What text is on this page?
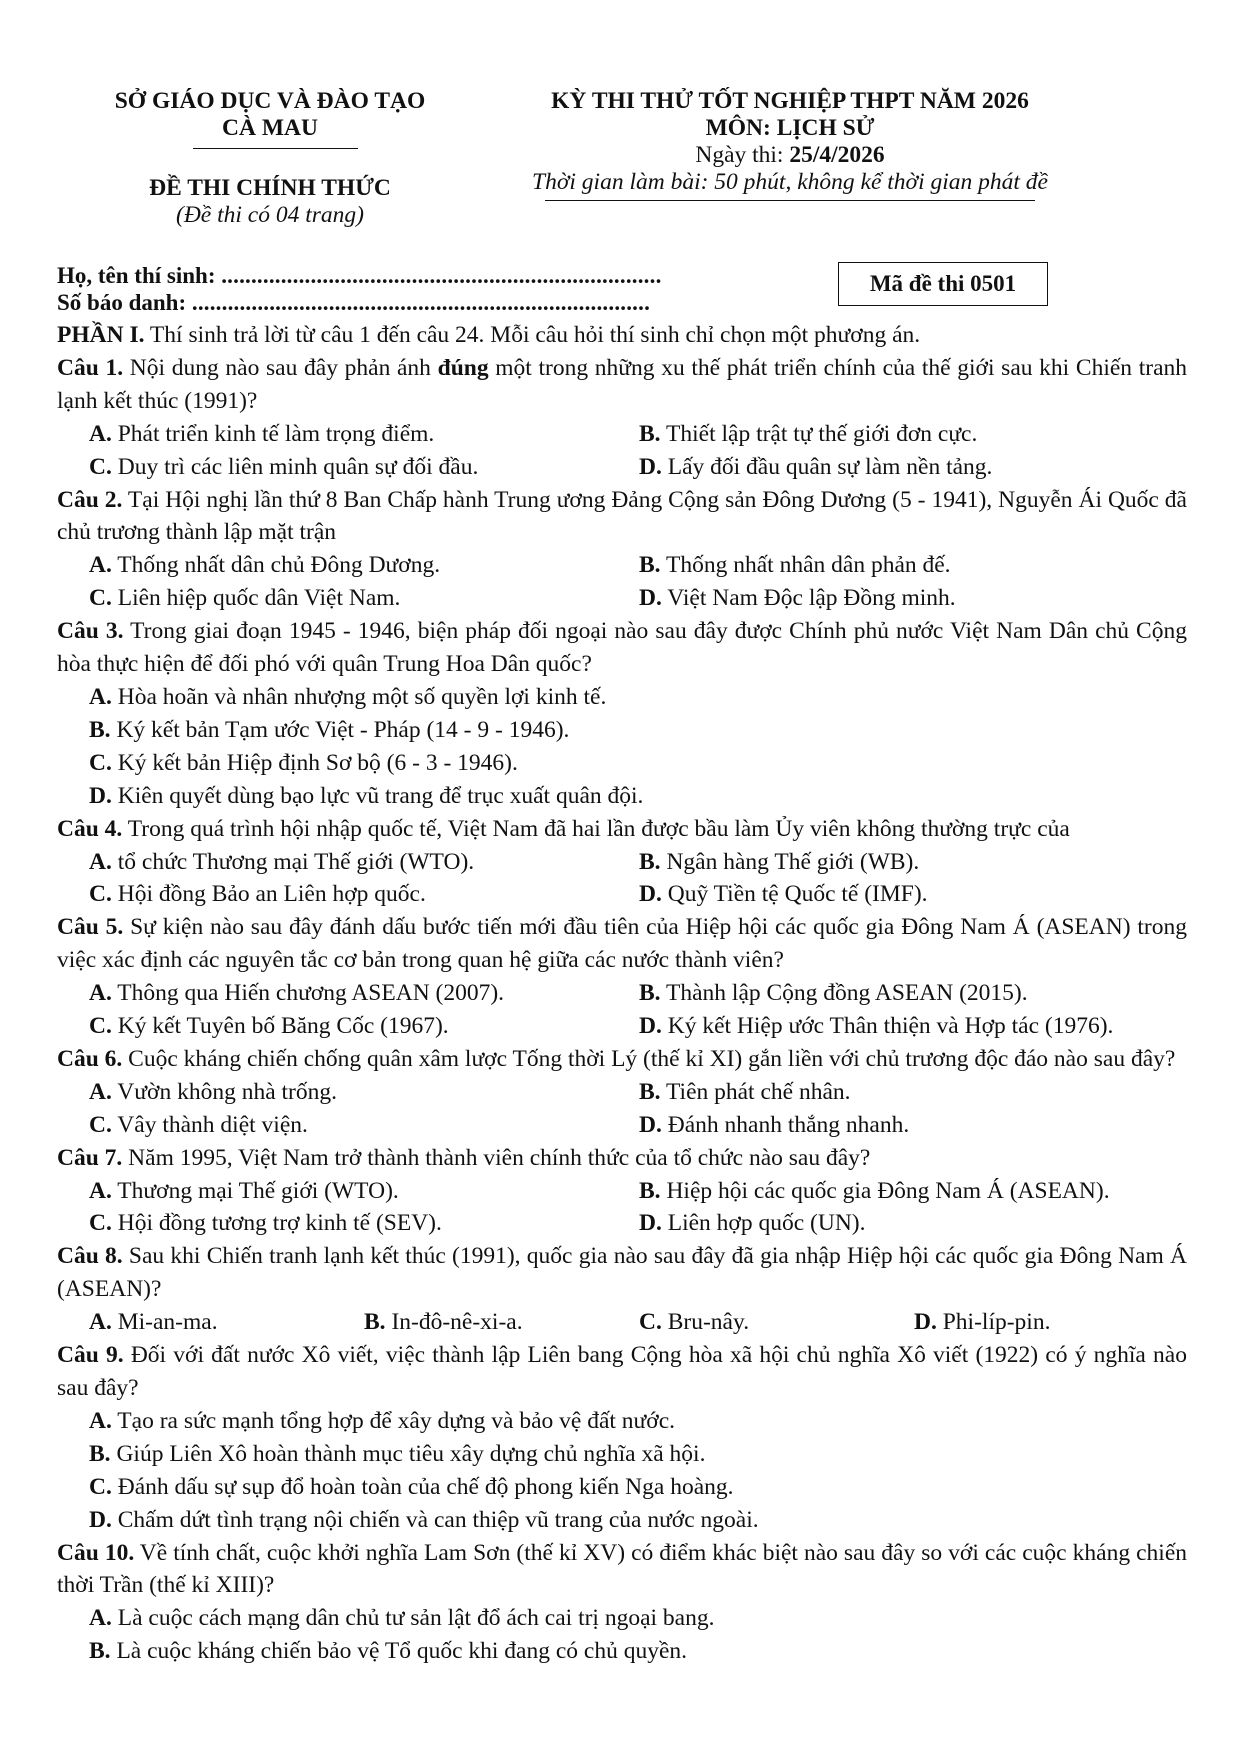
SỞ GIÁO DỤC VÀ ĐÀO TẠO
CÀ MAU
ĐỀ THI CHÍNH THỨC
(Đề thi có 04 trang)
KỲ THI THỬ TỐT NGHIỆP THPT NĂM 2026
MÔN: LỊCH SỬ
Ngày thi: 25/4/2026
Thời gian làm bài: 50 phút, không kể thời gian phát đề
Họ, tên thí sinh: ..........................................................................
Số báo danh: .............................................................................
Mã đề thi 0501

PHẦN I. Thí sinh trả lời từ câu 1 đến câu 24. Mỗi câu hỏi thí sinh chỉ chọn một phương án.

Câu 1. Nội dung nào sau đây phản ánh đúng một trong những xu thế phát triển chính của thế giới sau khi Chiến tranh lạnh kết thúc (1991)?

A. Phát triển kinh tế làm trọng điểm.	B. Thiết lập trật tự thế giới đơn cực.
C. Duy trì các liên minh quân sự đối đầu.	D. Lấy đối đầu quân sự làm nền tảng.

Câu 2. Tại Hội nghị lần thứ 8 Ban Chấp hành Trung ương Đảng Cộng sản Đông Dương (5 - 1941), Nguyễn Ái Quốc đã chủ trương thành lập mặt trận

A. Thống nhất dân chủ Đông Dương.	B. Thống nhất nhân dân phản đế.
C. Liên hiệp quốc dân Việt Nam.	D. Việt Nam Độc lập Đồng minh.

Câu 3. Trong giai đoạn 1945 - 1946, biện pháp đối ngoại nào sau đây được Chính phủ nước Việt Nam Dân chủ Cộng hòa thực hiện để đối phó với quân Trung Hoa Dân quốc?

A. Hòa hoãn và nhân nhượng một số quyền lợi kinh tế.
B. Ký kết bản Tạm ước Việt - Pháp (14 - 9 - 1946).
C. Ký kết bản Hiệp định Sơ bộ (6 - 3 - 1946).
D. Kiên quyết dùng bạo lực vũ trang để trục xuất quân đội.

Câu 4. Trong quá trình hội nhập quốc tế, Việt Nam đã hai lần được bầu làm Ủy viên không thường trực của

A. tổ chức Thương mại Thế giới (WTO).	B. Ngân hàng Thế giới (WB).
C. Hội đồng Bảo an Liên hợp quốc.	D. Quỹ Tiền tệ Quốc tế (IMF).

Câu 5. Sự kiện nào sau đây đánh dấu bước tiến mới đầu tiên của Hiệp hội các quốc gia Đông Nam Á (ASEAN) trong việc xác định các nguyên tắc cơ bản trong quan hệ giữa các nước thành viên?

A. Thông qua Hiến chương ASEAN (2007).	B. Thành lập Cộng đồng ASEAN (2015).
C. Ký kết Tuyên bố Băng Cốc (1967).	D. Ký kết Hiệp ước Thân thiện và Hợp tác (1976).

Câu 6. Cuộc kháng chiến chống quân xâm lược Tống thời Lý (thế kỉ XI) gắn liền với chủ trương độc đáo nào sau đây?

A. Vườn không nhà trống.	B. Tiên phát chế nhân.
C. Vây thành diệt viện.	D. Đánh nhanh thắng nhanh.

Câu 7. Năm 1995, Việt Nam trở thành thành viên chính thức của tổ chức nào sau đây?

A. Thương mại Thế giới (WTO).	B. Hiệp hội các quốc gia Đông Nam Á (ASEAN).
C. Hội đồng tương trợ kinh tế (SEV).	D. Liên hợp quốc (UN).

Câu 8. Sau khi Chiến tranh lạnh kết thúc (1991), quốc gia nào sau đây đã gia nhập Hiệp hội các quốc gia Đông Nam Á (ASEAN)?

A. Mi-an-ma.	B. In-đô-nê-xi-a.	C. Bru-nây.	D. Phi-líp-pin.

Câu 9. Đối với đất nước Xô viết, việc thành lập Liên bang Cộng hòa xã hội chủ nghĩa Xô viết (1922) có ý nghĩa nào sau đây?

A. Tạo ra sức mạnh tổng hợp để xây dựng và bảo vệ đất nước.
B. Giúp Liên Xô hoàn thành mục tiêu xây dựng chủ nghĩa xã hội.
C. Đánh dấu sự sụp đổ hoàn toàn của chế độ phong kiến Nga hoàng.
D. Chấm dứt tình trạng nội chiến và can thiệp vũ trang của nước ngoài.

Câu 10. Về tính chất, cuộc khởi nghĩa Lam Sơn (thế kỉ XV) có điểm khác biệt nào sau đây so với các cuộc kháng chiến thời Trần (thế kỉ XIII)?

A. Là cuộc cách mạng dân chủ tư sản lật đổ ách cai trị ngoại bang.
B. Là cuộc kháng chiến bảo vệ Tổ quốc khi đang có chủ quyền.
